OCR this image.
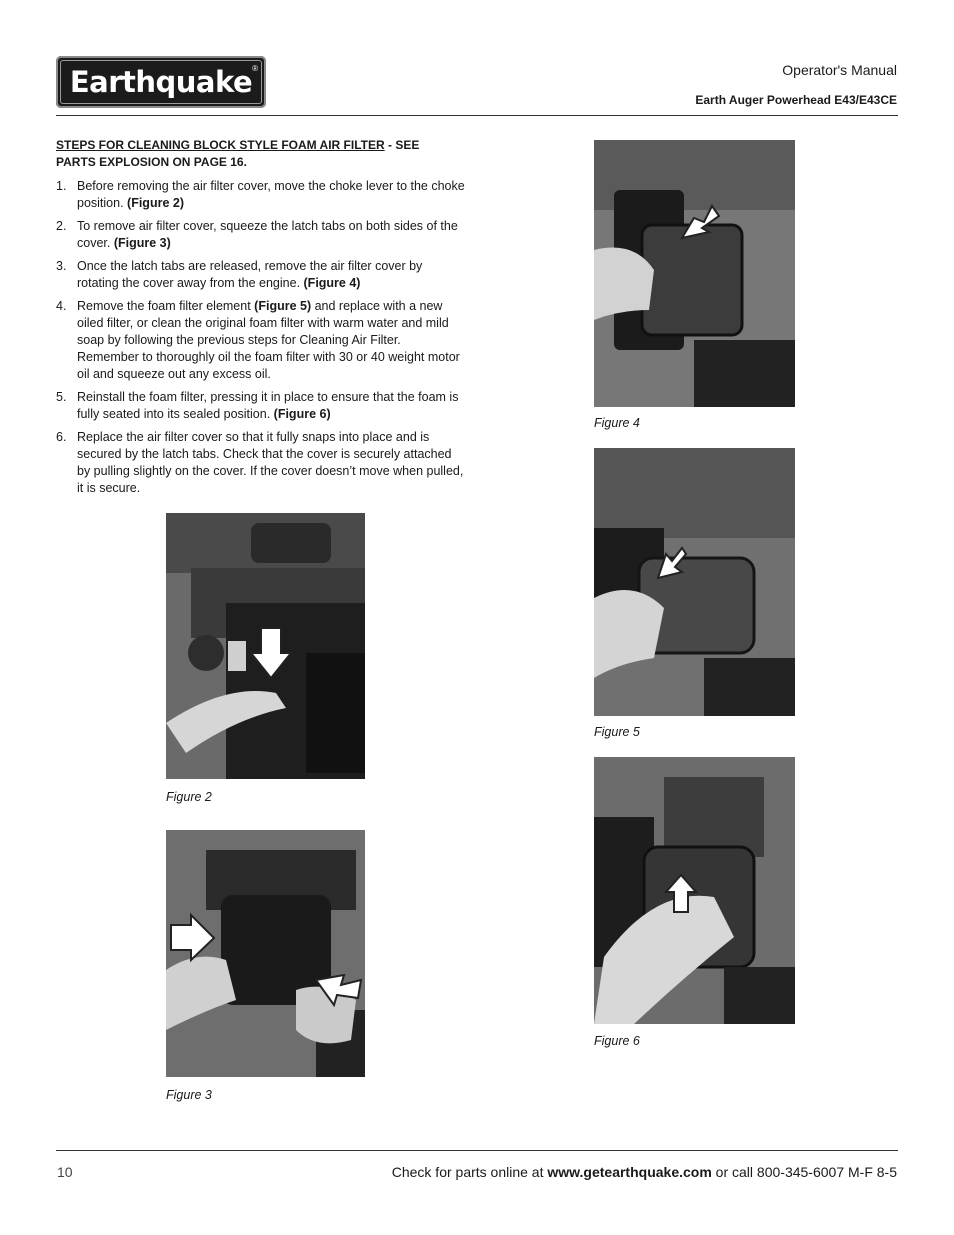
Earthquake ®	Operator's Manual
Earth Auger Powerhead E43/E43CE
STEPS FOR CLEANING BLOCK STYLE FOAM AIR FILTER - SEE PARTS EXPLOSION ON PAGE 16.
1. Before removing the air filter cover, move the choke lever to the choke position. (Figure 2)
2. To remove air filter cover, squeeze the latch tabs on both sides of the cover. (Figure 3)
3. Once the latch tabs are released, remove the air filter cover by rotating the cover away from the engine. (Figure 4)
4. Remove the foam filter element (Figure 5) and replace with a new oiled filter, or clean the original foam filter with warm water and mild soap by following the previous steps for Cleaning Air Filter. Remember to thoroughly oil the foam filter with 30 or 40 weight motor oil and squeeze out any excess oil.
5. Reinstall the foam filter, pressing it in place to ensure that the foam is fully seated into its sealed position. (Figure 6)
6. Replace the air filter cover so that it fully snaps into place and is secured by the latch tabs. Check that the cover is securely attached by pulling slightly on the cover. If the cover doesn’t move when pulled, it is secure.
Figure 2
Figure 3
Figure 4
Figure 5
Figure 6
10	Check for parts online at www.getearthquake.com or call 800-345-6007 M-F 8-5
